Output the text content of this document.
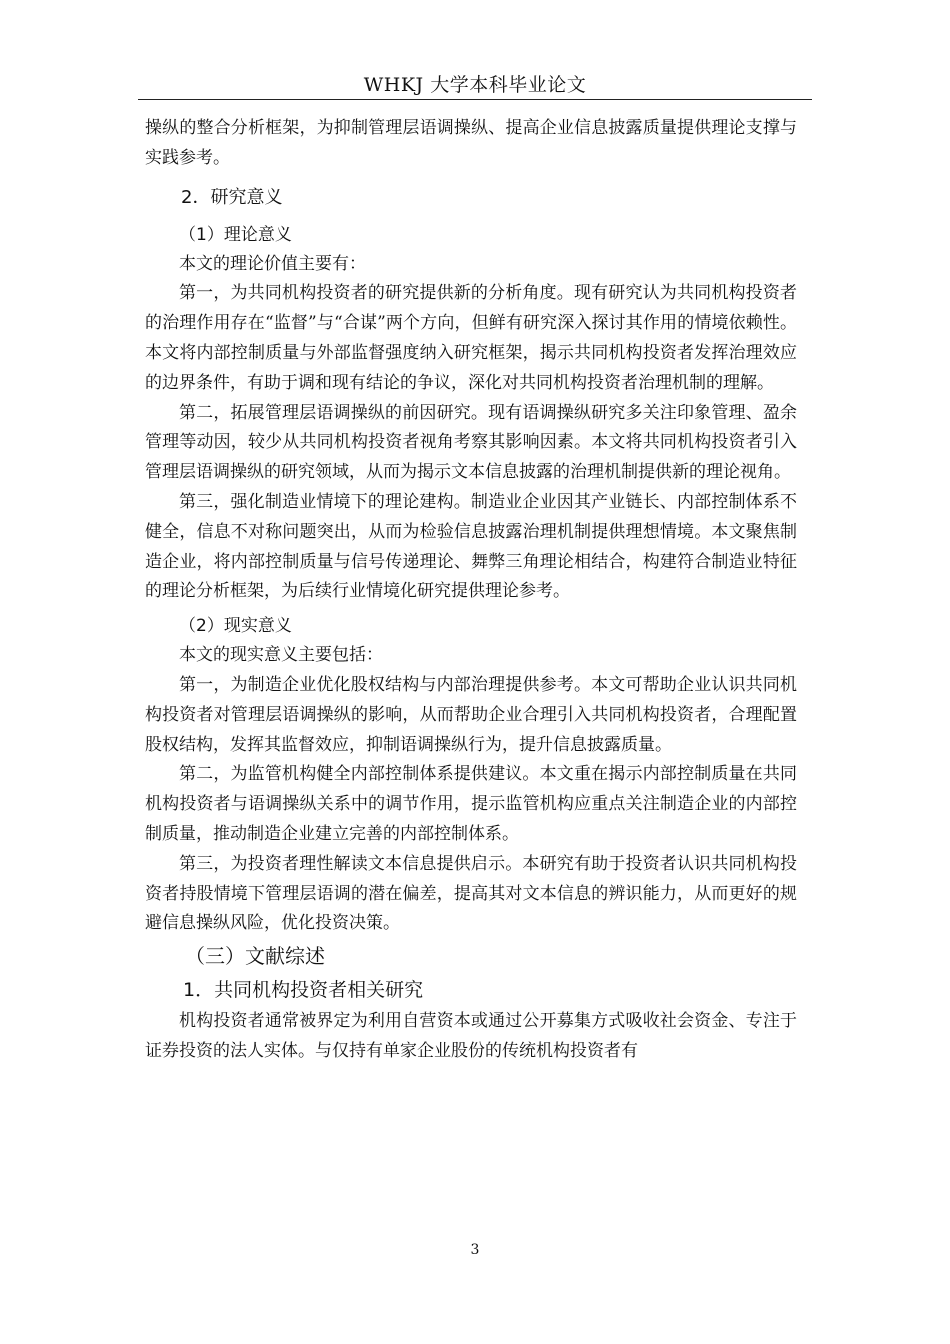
WHKJ 大学本科毕业论文

操纵的整合分析框架，为抑制管理层语调操纵、提高企业信息披露质量提供理论支撑与实践参考。

2．研究意义
（1）理论意义

本文的理论价值主要有：

第一，为共同机构投资者的研究提供新的分析角度。现有研究认为共同机构投资者的治理作用存在“监督”与“合谋”两个方向，但鲜有研究深入探讨其作用的情境依赖性。本文将内部控制质量与外部监督强度纳入研究框架，揭示共同机构投资者发挥治理效应的边界条件，有助于调和现有结论的争议，深化对共同机构投资者治理机制的理解。

第二，拓展管理层语调操纵的前因研究。现有语调操纵研究多关注印象管理、盈余管理等动因，较少从共同机构投资者视角考察其影响因素。本文将共同机构投资者引入管理层语调操纵的研究领域，从而为揭示文本信息披露的治理机制提供新的理论视角。

第三，强化制造业情境下的理论建构。制造业企业因其产业链长、内部控制体系不健全，信息不对称问题突出，从而为检验信息披露治理机制提供理想情境。本文聚焦制造企业，将内部控制质量与信号传递理论、舞弊三角理论相结合，构建符合制造业特征的理论分析框架，为后续行业情境化研究提供理论参考。

（2）现实意义

本文的现实意义主要包括：

第一，为制造企业优化股权结构与内部治理提供参考。本文可帮助企业认识共同机构投资者对管理层语调操纵的影响，从而帮助企业合理引入共同机构投资者，合理配置股权结构，发挥其监督效应，抑制语调操纵行为，提升信息披露质量。

第二，为监管机构健全内部控制体系提供建议。本文重在揭示内部控制质量在共同机构投资者与语调操纵关系中的调节作用，提示监管机构应重点关注制造企业的内部控制质量，推动制造企业建立完善的内部控制体系。

第三，为投资者理性解读文本信息提供启示。本研究有助于投资者认识共同机构投资者持股情境下管理层语调的潜在偏差，提高其对文本信息的辨识能力，从而更好的规避信息操纵风险，优化投资决策。

（三）文献综述
1．共同机构投资者相关研究

机构投资者通常被界定为利用自营资本或通过公开募集方式吸收社会资金、专注于证券投资的法人实体。与仅持有单家企业股份的传统机构投资者有

3
